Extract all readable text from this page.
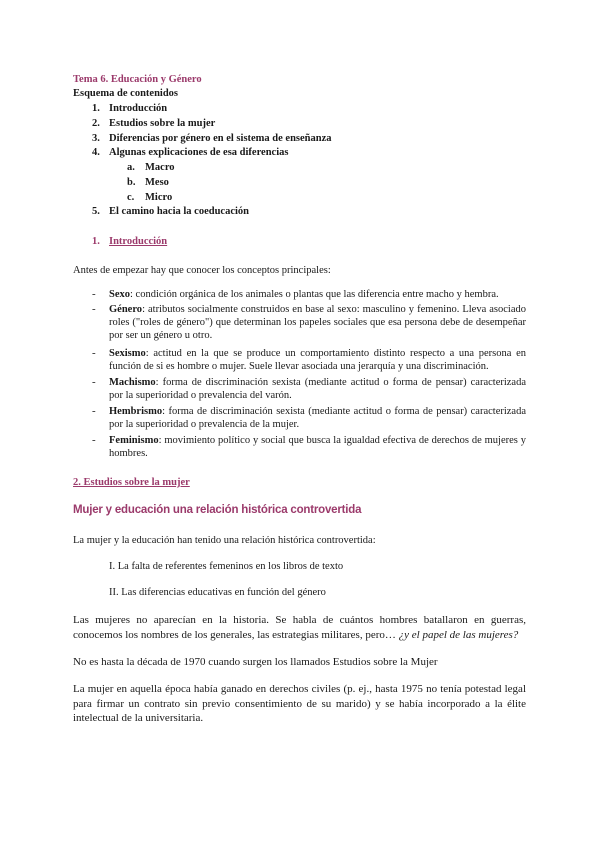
Tema 6. Educación y Género
Esquema de contenidos
1. Introducción
2. Estudios sobre la mujer
3. Diferencias por género en el sistema de enseñanza
4. Algunas explicaciones de esa diferencias
a. Macro
b. Meso
c. Micro
5. El camino hacia la coeducación
1. Introducción
Antes de empezar hay que conocer los conceptos principales:
- Sexo: condición orgánica de los animales o plantas que las diferencia entre macho y hembra.
- Género: atributos socialmente construidos en base al sexo: masculino y femenino. Lleva asociado roles ("roles de género") que determinan los papeles sociales que esa persona debe de desempeñar por ser un género u otro.
- Sexismo: actitud en la que se produce un comportamiento distinto respecto a una persona en función de si es hombre o mujer. Suele llevar asociada una jerarquía y una discriminación.
- Machismo: forma de discriminación sexista (mediante actitud o forma de pensar) caracterizada por la superioridad o prevalencia del varón.
- Hembrismo: forma de discriminación sexista (mediante actitud o forma de pensar) caracterizada por la superioridad o prevalencia de la mujer.
- Feminismo: movimiento político y social que busca la igualdad efectiva de derechos de mujeres y hombres.
2. Estudios sobre la mujer
Mujer y educación una relación histórica controvertida
La mujer y la educación han tenido una relación histórica controvertida:
I. La falta de referentes femeninos en los libros de texto
II. Las diferencias educativas en función del género
Las mujeres no aparecían en la historia. Se habla de cuántos hombres batallaron en guerras, conocemos los nombres de los generales, las estrategias militares, pero… ¿y el papel de las mujeres?
No es hasta la década de 1970 cuando surgen los llamados Estudios sobre la Mujer
La mujer en aquella época había ganado en derechos civiles (p. ej., hasta 1975 no tenía potestad legal para firmar un contrato sin previo consentimiento de su marido) y se había incorporado a la élite intelectual de la universitaria.
